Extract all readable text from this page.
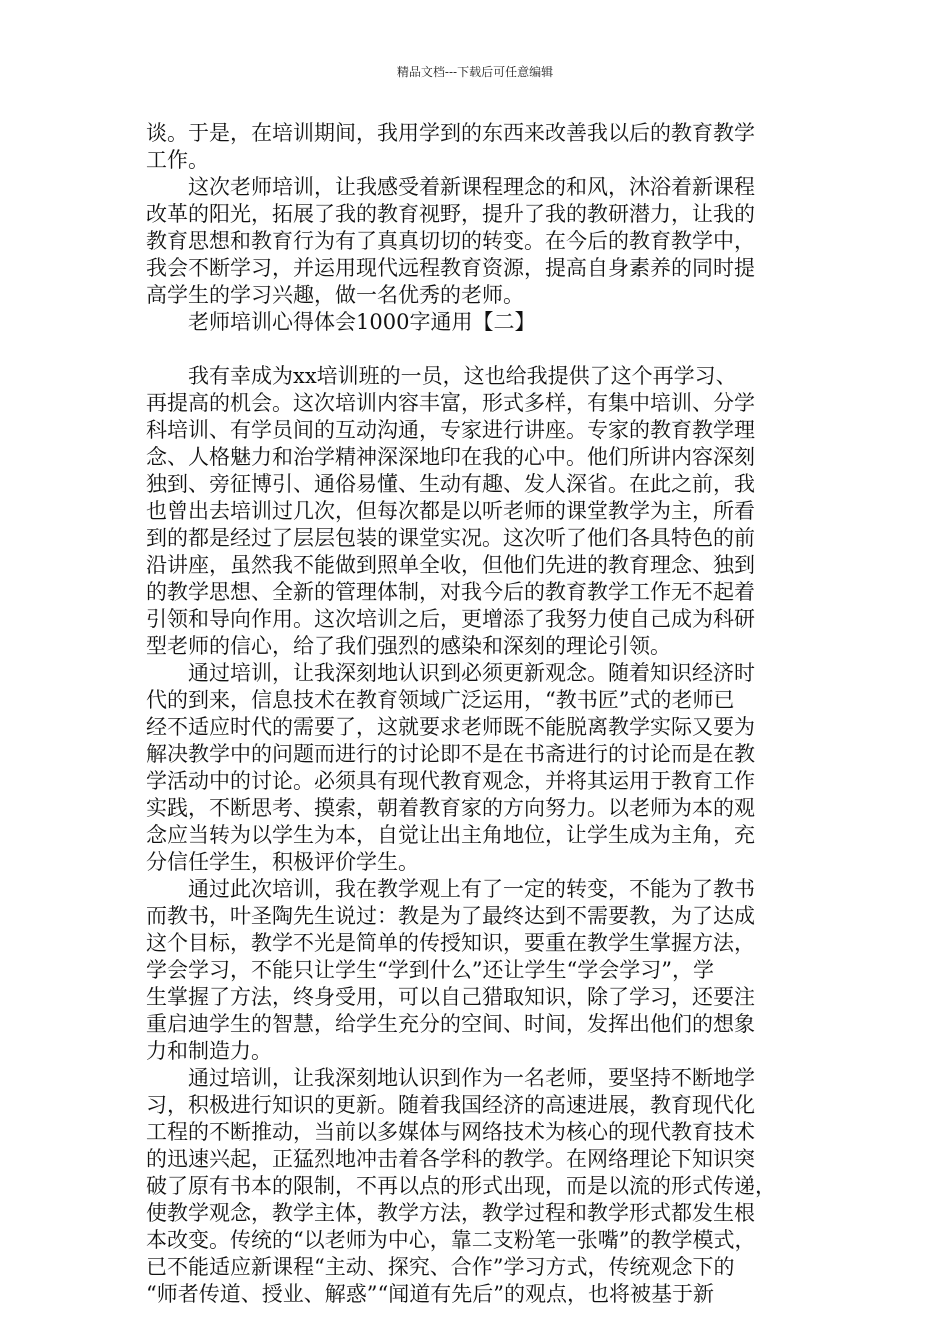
精品文档---下载后可任意编辑
谈。于是，在培训期间，我用学到的东西来改善我以后的教育教学
工作。
　　这次老师培训，让我感受着新课程理念的和风，沐浴着新课程
改革的阳光，拓展了我的教育视野，提升了我的教研潜力，让我的
教育思想和教育行为有了真真切切的转变。在今后的教育教学中，
我会不断学习，并运用现代远程教育资源，提高自身素养的同时提
高学生的学习兴趣，做一名优秀的老师。
　　老师培训心得体会1000字通用【二】
　　我有幸成为xx培训班的一员，这也给我提供了这个再学习、
再提高的机会。这次培训内容丰富，形式多样，有集中培训、分学
科培训、有学员间的互动沟通，专家进行讲座。专家的教育教学理
念、人格魅力和治学精神深深地印在我的心中。他们所讲内容深刻
独到、旁征博引、通俗易懂、生动有趣、发人深省。在此之前，我
也曾出去培训过几次，但每次都是以听老师的课堂教学为主，所看
到的都是经过了层层包装的课堂实况。这次听了他们各具特色的前
沿讲座，虽然我不能做到照单全收，但他们先进的教育理念、独到
的教学思想、全新的管理体制，对我今后的教育教学工作无不起着
引领和导向作用。这次培训之后，更增添了我努力使自己成为科研
型老师的信心，给了我们强烈的感染和深刻的理论引领。
　　通过培训，让我深刻地认识到必须更新观念。随着知识经济时
代的到来，信息技术在教育领域广泛运用，“教书匠”式的老师已
经不适应时代的需要了，这就要求老师既不能脱离教学实际又要为
解决教学中的问题而进行的讨论即不是在书斋进行的讨论而是在教
学活动中的讨论。必须具有现代教育观念，并将其运用于教育工作
实践，不断思考、摸索，朝着教育家的方向努力。以老师为本的观
念应当转为以学生为本，自觉让出主角地位，让学生成为主角，充
分信任学生，积极评价学生。
　　通过此次培训，我在教学观上有了一定的转变，不能为了教书
而教书，叶圣陶先生说过：教是为了最终达到不需要教，为了达成
这个目标，教学不光是简单的传授知识，要重在教学生掌握方法，
学会学习，不能只让学生“学到什么”还让学生“学会学习”，学
生掌握了方法，终身受用，可以自己猎取知识，除了学习，还要注
重启迪学生的智慧，给学生充分的空间、时间，发挥出他们的想象
力和制造力。
　　通过培训，让我深刻地认识到作为一名老师，要坚持不断地学
习，积极进行知识的更新。随着我国经济的高速进展，教育现代化
工程的不断推动，当前以多媒体与网络技术为核心的现代教育技术
的迅速兴起，正猛烈地冲击着各学科的教学。在网络理论下知识突
破了原有书本的限制，不再以点的形式出现，而是以流的形式传递，
使教学观念，教学主体，教学方法，教学过程和教学形式都发生根
本改变。传统的“以老师为中心，靠二支粉笔一张嘴”的教学模式，
已不能适应新课程“主动、探究、合作”学习方式，传统观念下的
“师者传道、授业、解惑”“闻道有先后”的观点，也将被基于新
